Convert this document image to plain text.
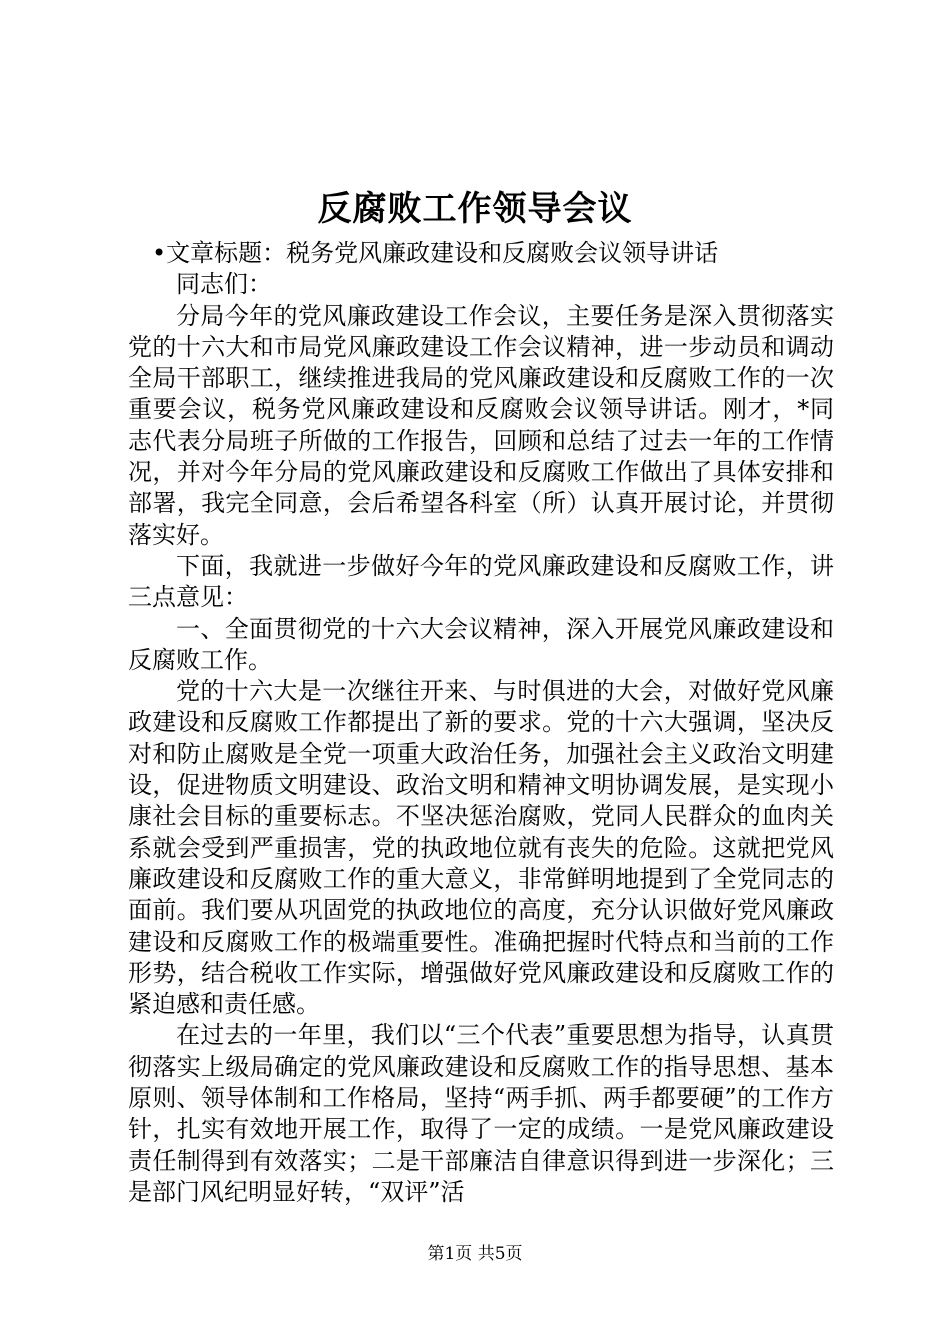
反腐败工作领导会议

•文章标题：税务党风廉政建设和反腐败会议领导讲话

同志们：

分局今年的党风廉政建设工作会议，主要任务是深入贯彻落实党的十六大和市局党风廉政建设工作会议精神，进一步动员和调动全局干部职工，继续推进我局的党风廉政建设和反腐败工作的一次重要会议，税务党风廉政建设和反腐败会议领导讲话。刚才，*同志代表分局班子所做的工作报告，回顾和总结了过去一年的工作情况，并对今年分局的党风廉政建设和反腐败工作做出了具体安排和部署，我完全同意，会后希望各科室（所）认真开展讨论，并贯彻落实好。

下面，我就进一步做好今年的党风廉政建设和反腐败工作，讲三点意见：

一、全面贯彻党的十六大会议精神，深入开展党风廉政建设和反腐败工作。

党的十六大是一次继往开来、与时俱进的大会，对做好党风廉政建设和反腐败工作都提出了新的要求。党的十六大强调，坚决反对和防止腐败是全党一项重大政治任务，加强社会主义政治文明建设，促进物质文明建设、政治文明和精神文明协调发展，是实现小康社会目标的重要标志。不坚决惩治腐败，党同人民群众的血肉关系就会受到严重损害，党的执政地位就有丧失的危险。这就把党风廉政建设和反腐败工作的重大意义，非常鲜明地提到了全党同志的面前。我们要从巩固党的执政地位的高度，充分认识做好党风廉政建设和反腐败工作的极端重要性。准确把握时代特点和当前的工作形势，结合税收工作实际，增强做好党风廉政建设和反腐败工作的紧迫感和责任感。

在过去的一年里，我们以“三个代表”重要思想为指导，认真贯彻落实上级局确定的党风廉政建设和反腐败工作的指导思想、基本原则、领导体制和工作格局，坚持“两手抓、两手都要硬”的工作方针，扎实有效地开展工作，取得了一定的成绩。一是党风廉政建设责任制得到有效落实；二是干部廉洁自律意识得到进一步深化；三是部门风纪明显好转，“双评”活

第1页 共5页
